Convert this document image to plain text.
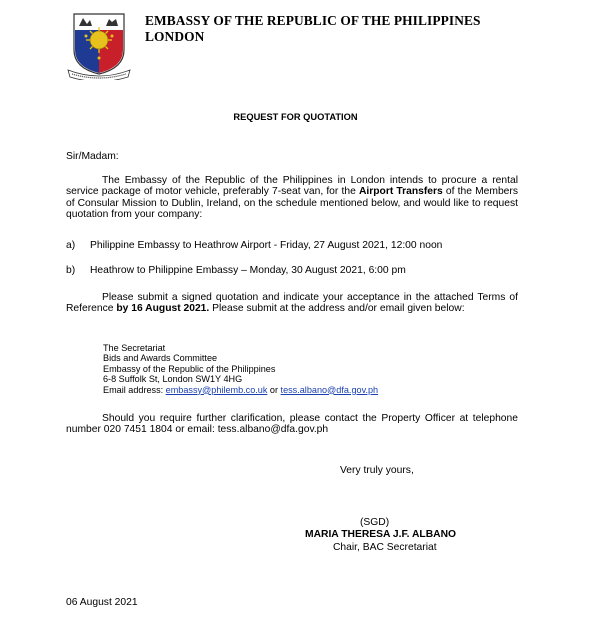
EMBASSY OF THE REPUBLIC OF THE PHILIPPINES
LONDON
REQUEST FOR QUOTATION
Sir/Madam:
The Embassy of the Republic of the Philippines in London intends to procure a rental service package of motor vehicle, preferably 7-seat van, for the Airport Transfers of the Members of Consular Mission to Dublin, Ireland, on the schedule mentioned below, and would like to request quotation from your company:
a) Philippine Embassy to Heathrow Airport - Friday, 27 August 2021, 12:00 noon
b) Heathrow to Philippine Embassy – Monday, 30 August 2021, 6:00 pm
Please submit a signed quotation and indicate your acceptance in the attached Terms of Reference by 16 August 2021. Please submit at the address and/or email given below:
The Secretariat
Bids and Awards Committee
Embassy of the Republic of the Philippines
6-8 Suffolk St, London SW1Y 4HG
Email address: embassy@philemb.co.uk or tess.albano@dfa.gov.ph
Should you require further clarification, please contact the Property Officer at telephone number 020 7451 1804 or email: tess.albano@dfa.gov.ph
Very truly yours,
(SGD)
MARIA THERESA J.F. ALBANO
Chair, BAC Secretariat
06 August 2021
